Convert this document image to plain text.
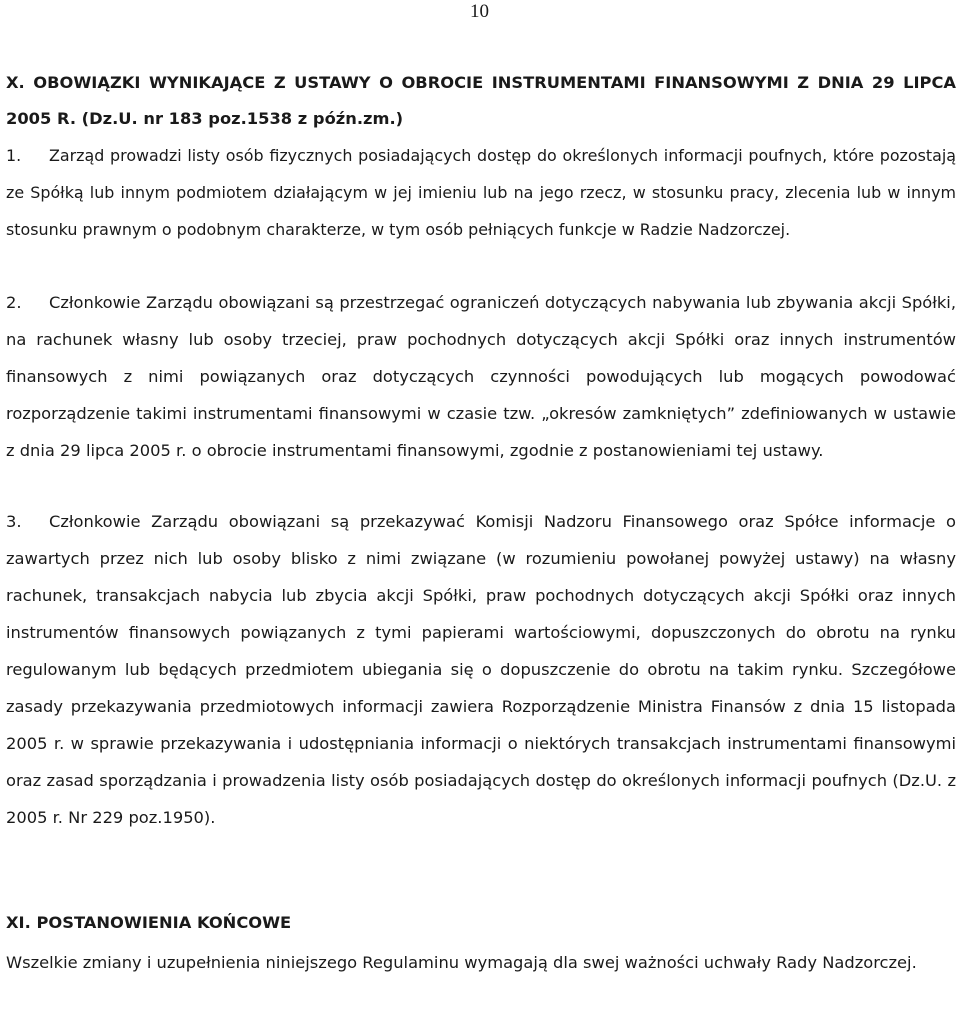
10
X. OBOWIĄZKI WYNIKAJĄCE Z USTAWY O OBROCIE INSTRUMENTAMI FINANSOWYMI Z DNIA 29 LIPCA 2005 R. (Dz.U. nr 183 poz.1538 z późn.zm.)
1. Zarząd prowadzi listy osób fizycznych posiadających dostęp do określonych informacji poufnych, które pozostają ze Spółką lub innym podmiotem działającym w jej imieniu lub na jego rzecz, w stosunku pracy, zlecenia lub w innym stosunku prawnym o podobnym charakterze, w tym osób pełniących funkcje w Radzie Nadzorczej.
2. Członkowie Zarządu obowiązani są przestrzegać ograniczeń dotyczących nabywania lub zbywania akcji Spółki, na rachunek własny lub osoby trzeciej, praw pochodnych dotyczących akcji Spółki oraz innych instrumentów finansowych z nimi powiązanych oraz dotyczących czynności powodujących lub mogących powodować rozporządzenie takimi instrumentami finansowymi w czasie tzw. „okresów zamkniętych” zdefiniowanych w ustawie z dnia 29 lipca 2005 r. o obrocie instrumentami finansowymi, zgodnie z postanowieniami tej ustawy.
3. Członkowie Zarządu obowiązani są przekazywać Komisji Nadzoru Finansowego oraz Spółce informacje o zawartych przez nich lub osoby blisko z nimi związane (w rozumieniu powołanej powyżej ustawy) na własny rachunek, transakcjach nabycia lub zbycia akcji Spółki, praw pochodnych dotyczących akcji Spółki oraz innych instrumentów finansowych powiązanych z tymi papierami wartościowymi, dopuszczonych do obrotu na rynku regulowanym lub będących przedmiotem ubiegania się o dopuszczenie do obrotu na takim rynku. Szczegółowe zasady przekazywania przedmiotowych informacji zawiera Rozporządzenie Ministra Finansów z dnia 15 listopada 2005 r. w sprawie przekazywania i udostępniania informacji o niektórych transakcjach instrumentami finansowymi oraz zasad sporządzania i prowadzenia listy osób posiadających dostęp do określonych informacji poufnych (Dz.U. z 2005 r. Nr 229 poz.1950).
XI. POSTANOWIENIA KOŃCOWE
Wszelkie zmiany i uzupełnienia niniejszego Regulaminu wymagają dla swej ważności uchwały Rady Nadzorczej.
